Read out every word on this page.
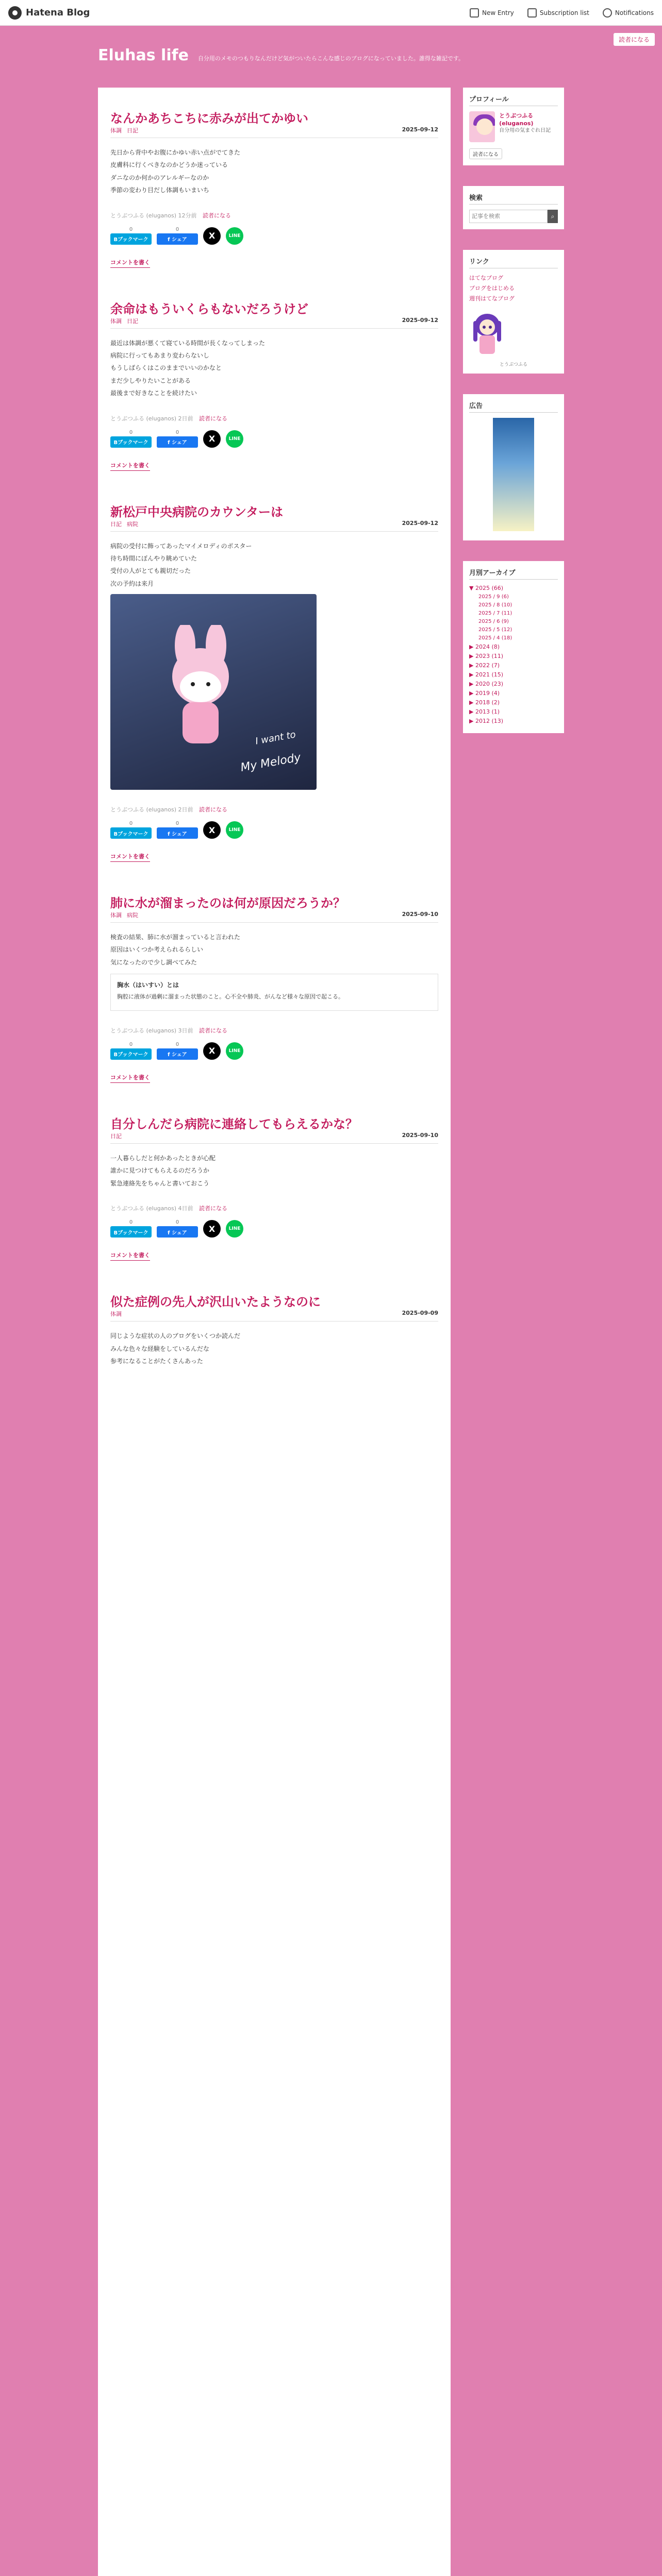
Hatena Blog	New Entry	Subscription list	Notifications
Eluhas life 自分用のメモのつもりなんだけど気がついたらこんな感じのブログになっていました。誰得な雑記です。
読者になる
なんかあちこちに赤みが出てかゆい
体調 日記	2025-09-12

先日から背中やお腹にかゆい赤い点がでてきた

皮膚科に行くべきなのかどうか迷っている

ダニなのか何かのアレルギーなのか

季節の変わり目だし体調もいまいち

とうぶつふる (eluganos) 12分前 読者になる
0
Bブックマーク
0
f シェア	X	LINE
コメントを書く
余命はもういくらもないだろうけど
体調 日記	2025-09-12

最近は体調が悪くて寝ている時間が長くなってしまった

病院に行ってもあまり変わらないし

もうしばらくはこのままでいいのかなと

まだ少しやりたいことがある

最後まで好きなことを続けたい

とうぶつふる (eluganos) 2日前 読者になる
0
Bブックマーク
0
f シェア	X	LINE
コメントを書く
新松戸中央病院のカウンターは
日記 病院	2025-09-12

病院の受付に飾ってあったマイメロディのポスター

待ち時間にぼんやり眺めていた

受付の人がとても親切だった

次の予約は来月

I want to
My Melody
とうぶつふる (eluganos) 2日前 読者になる
0
Bブックマーク
0
f シェア	X	LINE
コメントを書く
肺に水が溜まったのは何が原因だろうか？
体調 病院	2025-09-10

検査の結果、肺に水が溜まっていると言われた

原因はいくつか考えられるらしい

気になったので少し調べてみた

胸水（はいすい）とは

胸腔に液体が過剰に溜まった状態のこと。心不全や肺炎、がんなど様々な原因で起こる。

とうぶつふる (eluganos) 3日前 読者になる
0
Bブックマーク
0
f シェア	X	LINE
コメントを書く
自分しんだら病院に連絡してもらえるかな？
日記	2025-09-10

一人暮らしだと何かあったときが心配

誰かに見つけてもらえるのだろうか

緊急連絡先をちゃんと書いておこう

とうぶつふる (eluganos) 4日前 読者になる
0
Bブックマーク
0
f シェア	X	LINE
コメントを書く
似た症例の先人が沢山いたようなのに
体調	2025-09-09

同じような症状の人のブログをいくつか読んだ

みんな色々な経験をしているんだな

参考になることがたくさんあった

プロフィール
とうぶつふる (eluganos)
自分用の気まぐれ日記
読者になる
検索
記事を検索
⌕
リンク
はてなブログ
ブログをはじめる
週刊はてなブログ
とうぶつふる
広告
月別アーカイブ
▼ 2025 (66)
2025 / 9 (6)
2025 / 8 (10)
2025 / 7 (11)
2025 / 6 (9)
2025 / 5 (12)
2025 / 4 (18)
▶ 2024 (8)
▶ 2023 (11)
▶ 2022 (7)
▶ 2021 (15)
▶ 2020 (23)
▶ 2019 (4)
▶ 2018 (2)
▶ 2013 (1)
▶ 2012 (13)
